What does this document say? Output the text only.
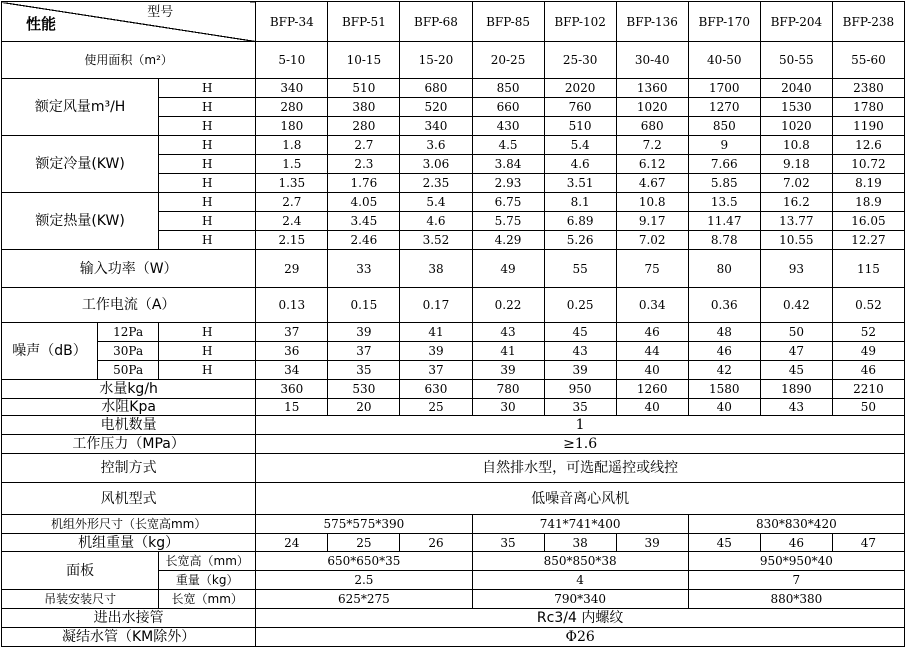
性能
型号			BFP-34	BFP-51	BFP-68	BFP-85	BFP-102	BFP-136	BFP-170	BFP-204	BFP-238
使用面积（m²）			5-10	10-15	15-20	20-25	25-30	30-40	40-50	50-55	55-60
额定风量m³/H		H	340	510	680	850	2020	1360	1700	2040	2380
		H	280	380	520	660	760	1020	1270	1530	1780
		H	180	280	340	430	510	680	850	1020	1190
额定冷量(KW)		H	1.8	2.7	3.6	4.5	5.4	7.2	9	10.8	12.6
		H	1.5	2.3	3.06	3.84	4.6	6.12	7.66	9.18	10.72
		H	1.35	1.76	2.35	2.93	3.51	4.67	5.85	7.02	8.19
额定热量(KW)		H	2.7	4.05	5.4	6.75	8.1	10.8	13.5	16.2	18.9
		H	2.4	3.45	4.6	5.75	6.89	9.17	11.47	13.77	16.05
		H	2.15	2.46	3.52	4.29	5.26	7.02	8.78	10.55	12.27
输入功率（W）			29	33	38	49	55	75	80	93	115
工作电流（A）			0.13	0.15	0.17	0.22	0.25	0.34	0.36	0.42	0.52
噪声（dB）	12Pa	H	37	39	41	43	45	46	48	50	52
	30Pa	H	36	37	39	41	43	44	46	47	49
	50Pa	H	34	35	37	39	39	40	42	45	46
水量kg/h			360	530	630	780	950	1260	1580	1890	2210
水阻Kpa			15	20	25	30	35	40	40	43	50
电机数量			1								
工作压力（MPa）			≥1.6								
控制方式			自然排水型，可选配遥控或线控								
风机型式			低噪音离心风机								
机组外形尺寸（长宽高mm）			575*575*390			741*741*400			830*830*420		
机组重量（kg）			24	25	26	35	38	39	45	46	47
面板		长宽高（mm）	650*650*35			850*850*38			950*950*40		
		重量（kg）	2.5			4			7		
吊装安装尺寸		长宽（mm）	625*275			790*340			880*380		
进出水接管			Rc3/4 内螺纹								
凝结水管（KM除外）			Φ26								
